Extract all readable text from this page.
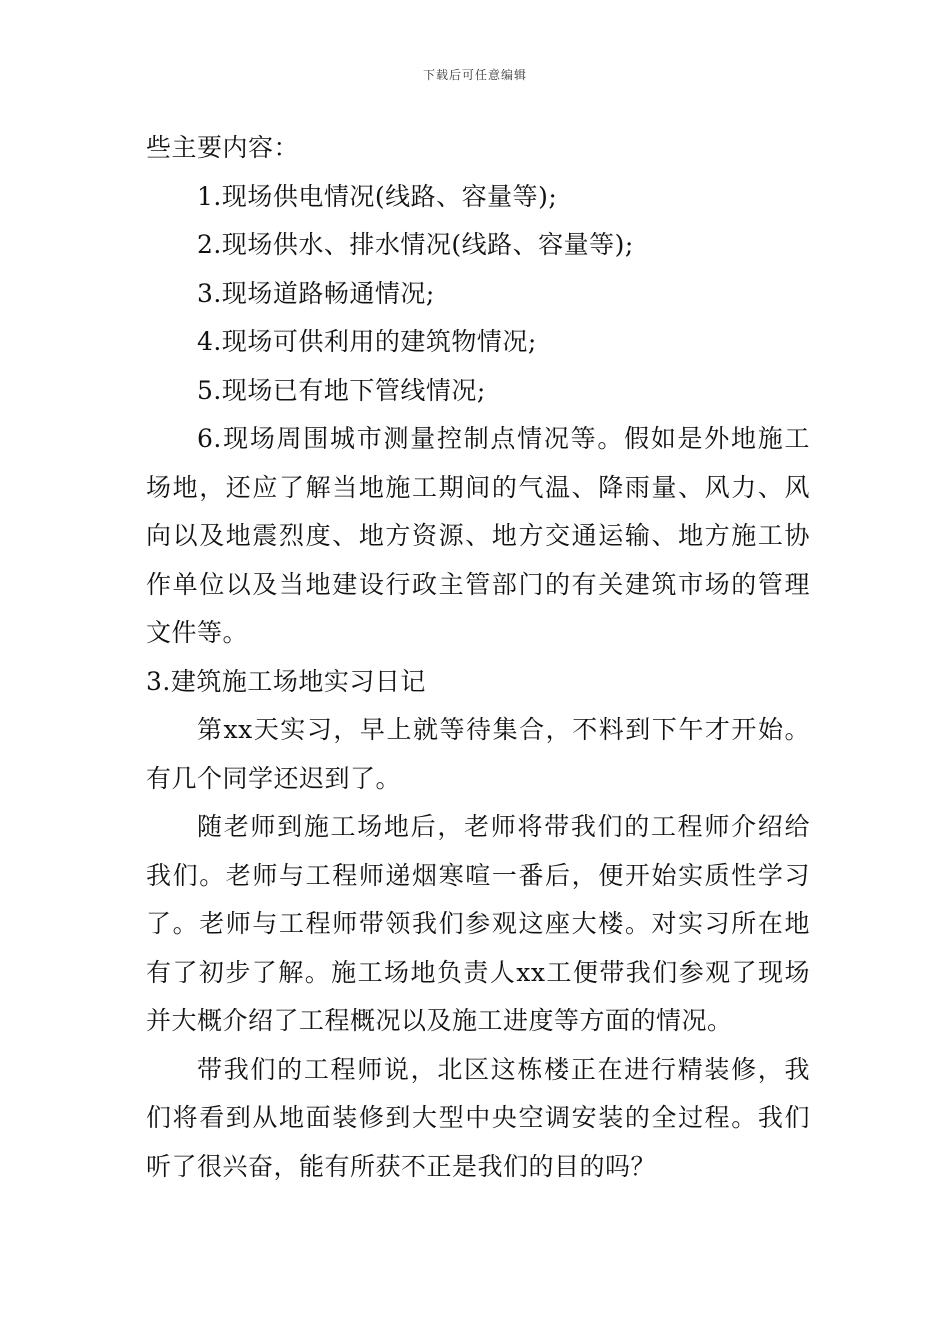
下载后可任意编辑
些主要内容：
1.现场供电情况(线路、容量等);
2.现场供水、排水情况(线路、容量等);
3.现场道路畅通情况;
4.现场可供利用的建筑物情况;
5.现场已有地下管线情况;
6.现场周围城市测量控制点情况等。假如是外地施工
场地，还应了解当地施工期间的气温、降雨量、风力、风
向以及地震烈度、地方资源、地方交通运输、地方施工协
作单位以及当地建设行政主管部门的有关建筑市场的管理
文件等。
3.建筑施工场地实习日记
第xx天实习，早上就等待集合，不料到下午才开始。
有几个同学还迟到了。
随老师到施工场地后，老师将带我们的工程师介绍给
我们。老师与工程师递烟寒喧一番后，便开始实质性学习
了。老师与工程师带领我们参观这座大楼。对实习所在地
有了初步了解。施工场地负责人xx工便带我们参观了现场
并大概介绍了工程概况以及施工进度等方面的情况。
带我们的工程师说，北区这栋楼正在进行精装修，我
们将看到从地面装修到大型中央空调安装的全过程。我们
听了很兴奋，能有所获不正是我们的目的吗？
